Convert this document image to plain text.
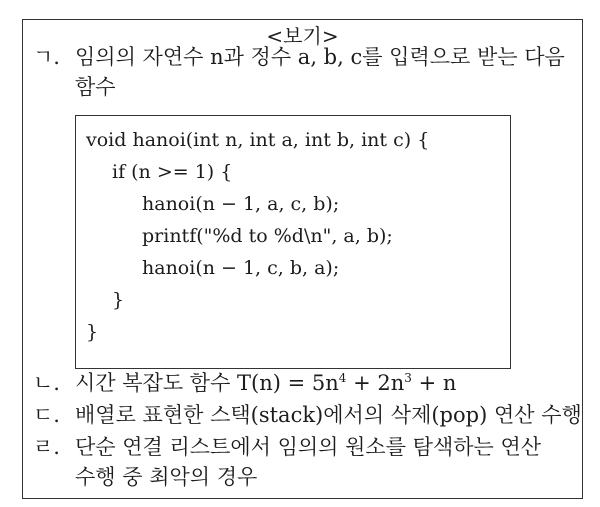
<보기>
ㄱ. 임의의 자연수 n과 정수 a, b, c를 입력으로 받는 다음
함수
void hanoi(int n, int a, int b, int c) {
if (n >= 1) {
hanoi(n − 1, a, c, b);
printf("%d to %d\n", a, b);
hanoi(n − 1, c, b, a);
}
}
ㄴ. 시간 복잡도 함수 $T(n) = 5n^4 + 2n^3 + n$
ㄷ. 배열로 표현한 스택(stack)에서의 삭제(pop) 연산 수행
ㄹ. 단순 연결 리스트에서 임의의 원소를 탐색하는 연산
수행 중 최악의 경우
